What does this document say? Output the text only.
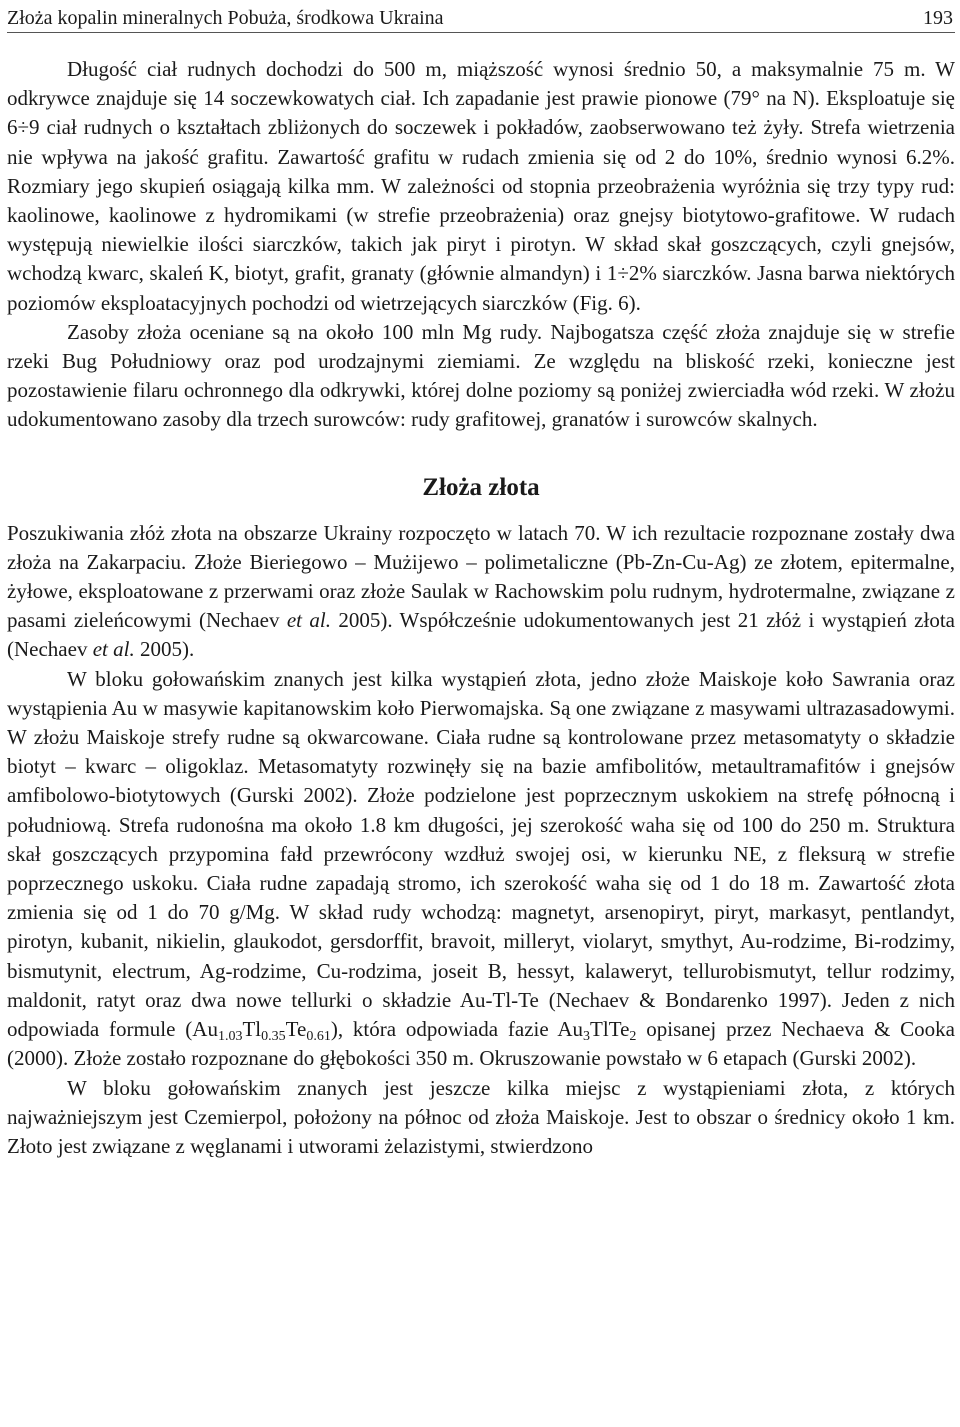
Złoża kopalin mineralnych Pobuża, środkowa Ukraina	193

Długość ciał rudnych dochodzi do 500 m, miąższość wynosi średnio 50, a maksymalnie 75 m. W odkrywce znajduje się 14 soczewkowatych ciał. Ich zapadanie jest prawie pionowe (79° na N). Eksploatuje się 6÷9 ciał rudnych o kształtach zbliżonych do soczewek i pokładów, zaobserwowano też żyły. Strefa wietrzenia nie wpływa na jakość grafitu. Zawartość grafitu w rudach zmienia się od 2 do 10%, średnio wynosi 6.2%. Rozmiary jego skupień osiągają kilka mm. W zależności od stopnia przeobrażenia wyróżnia się trzy typy rud: kaolinowe, kaolinowe z hydromikami (w strefie przeobrażenia) oraz gnejsy biotytowo-grafitowe. W rudach występują niewielkie ilości siarczków, takich jak piryt i pirotyn. W skład skał goszczących, czyli gnejsów, wchodzą kwarc, skaleń K, biotyt, grafit, granaty (głównie almandyn) i 1÷2% siarczków. Jasna barwa niektórych poziomów eksploatacyjnych pochodzi od wietrzejących siarczków (Fig. 6).

Zasoby złoża oceniane są na około 100 mln Mg rudy. Najbogatsza część złoża znajduje się w strefie rzeki Bug Południowy oraz pod urodzajnymi ziemiami. Ze względu na bliskość rzeki, konieczne jest pozostawienie filaru ochronnego dla odkrywki, której dolne poziomy są poniżej zwierciadła wód rzeki. W złożu udokumentowano zasoby dla trzech surowców: rudy grafitowej, granatów i surowców skalnych.

Złoża złota

Poszukiwania złóż złota na obszarze Ukrainy rozpoczęto w latach 70. W ich rezultacie rozpoznane zostały dwa złoża na Zakarpaciu. Złoże Bieriegowo – Mużijewo – polimetaliczne (Pb-Zn-Cu-Ag) ze złotem, epitermalne, żyłowe, eksploatowane z przerwami oraz złoże Saulak w Rachowskim polu rudnym, hydrotermalne, związane z pasami zieleńcowymi (Nechaev et al. 2005). Współcześnie udokumentowanych jest 21 złóż i wystąpień złota (Nechaev et al. 2005).

W bloku gołowańskim znanych jest kilka wystąpień złota, jedno złoże Maiskoje koło Sawrania oraz wystąpienia Au w masywie kapitanowskim koło Pierwomajska. Są one związane z masywami ultrazasadowymi. W złożu Maiskoje strefy rudne są okwarcowane. Ciała rudne są kontrolowane przez metasomatyty o składzie biotyt – kwarc – oligoklaz. Metasomatyty rozwinęły się na bazie amfibolitów, metaultramafitów i gnejsów amfibolowo-biotytowych (Gurski 2002). Złoże podzielone jest poprzecznym uskokiem na strefę północną i południową. Strefa rudonośna ma około 1.8 km długości, jej szerokość waha się od 100 do 250 m. Struktura skał goszczących przypomina fałd przewrócony wzdłuż swojej osi, w kierunku NE, z fleksurą w strefie poprzecznego uskoku. Ciała rudne zapadają stromo, ich szerokość waha się od 1 do 18 m. Zawartość złota zmienia się od 1 do 70 g/Mg. W skład rudy wchodzą: magnetyt, arsenopiryt, piryt, markasyt, pentlandyt, pirotyn, kubanit, nikielin, glaukodot, gersdorffit, bravoit, milleryt, violaryt, smythyt, Au-rodzime, Bi-rodzimy, bismutynit, electrum, Ag-rodzime, Cu-rodzima, joseit B, hessyt, kalaweryt, tellurobismutyt, tellur rodzimy, maldonit, ratyt oraz dwa nowe tellurki o składzie Au-Tl-Te (Nechaev & Bondarenko 1997). Jeden z nich odpowiada formule $(Au_{1.03}Tl_{0.35}Te_{0.61})$, która odpowiada fazie $Au_3TlTe_2$ opisanej przez Nechaeva & Cooka (2000). Złoże zostało rozpoznane do głębokości 350 m. Okruszowanie powstało w 6 etapach (Gurski 2002).

W bloku gołowańskim znanych jest jeszcze kilka miejsc z wystąpieniami złota, z których najważniejszym jest Czemierpol, położony na północ od złoża Maiskoje. Jest to obszar o średnicy około 1 km. Złoto jest związane z węglanami i utworami żelazistymi, stwierdzono
